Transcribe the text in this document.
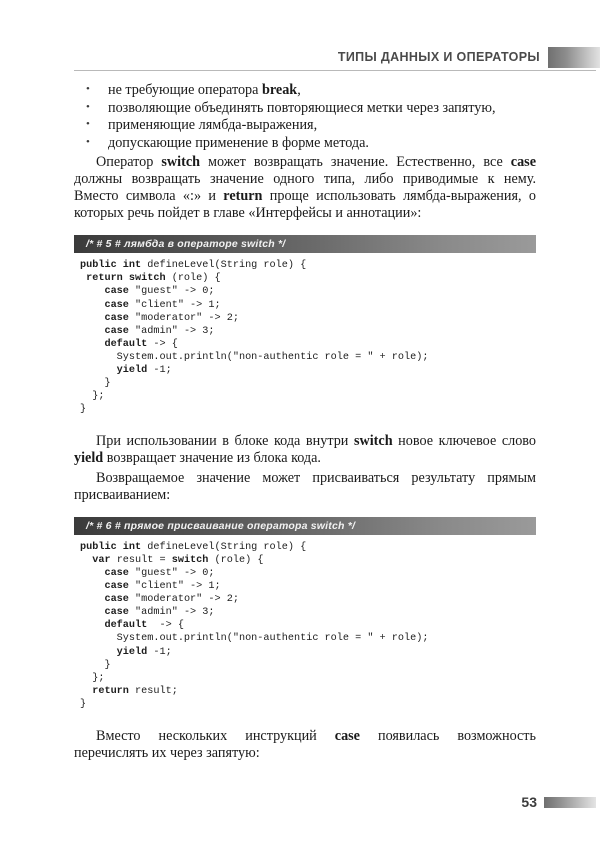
ТИПЫ ДАННЫХ И ОПЕРАТОРЫ
• не требующие оператора break,
• позволяющие объединять повторяющиеся метки через запятую,
• применяющие лямбда-выражения,
• допускающие применение в форме метода.

Оператор switch может возвращать значение. Естественно, все case должны возвращать значение одного типа, либо приводимые к нему. Вместо символа «:» и return проще использовать лямбда-выражения, о которых речь пойдет в главе «Интерфейсы и аннотации»:

/* # 5 # лямбда в операторе switch */
public int defineLevel(String role) {
return switch (role) {
case "guest" -> 0;
case "client" -> 1;
case "moderator" -> 2;
case "admin" -> 3;
default -> {
System.out.println("non-authentic role = " + role);
yield -1;
}
};
}

При использовании в блоке кода внутри switch новое ключевое слово yield возвращает значение из блока кода.

Возвращаемое значение может присваиваться результату прямым присваиванием:

/* # 6 # прямое присваивание оператора switch */
public int defineLevel(String role) {
var result = switch (role) {
case "guest" -> 0;
case "client" -> 1;
case "moderator" -> 2;
case "admin" -> 3;
default  -> {
System.out.println("non-authentic role = " + role);
yield -1;
}
};
return result;
}

Вместо нескольких инструкций case появилась возможность перечислять их через запятую:

53
